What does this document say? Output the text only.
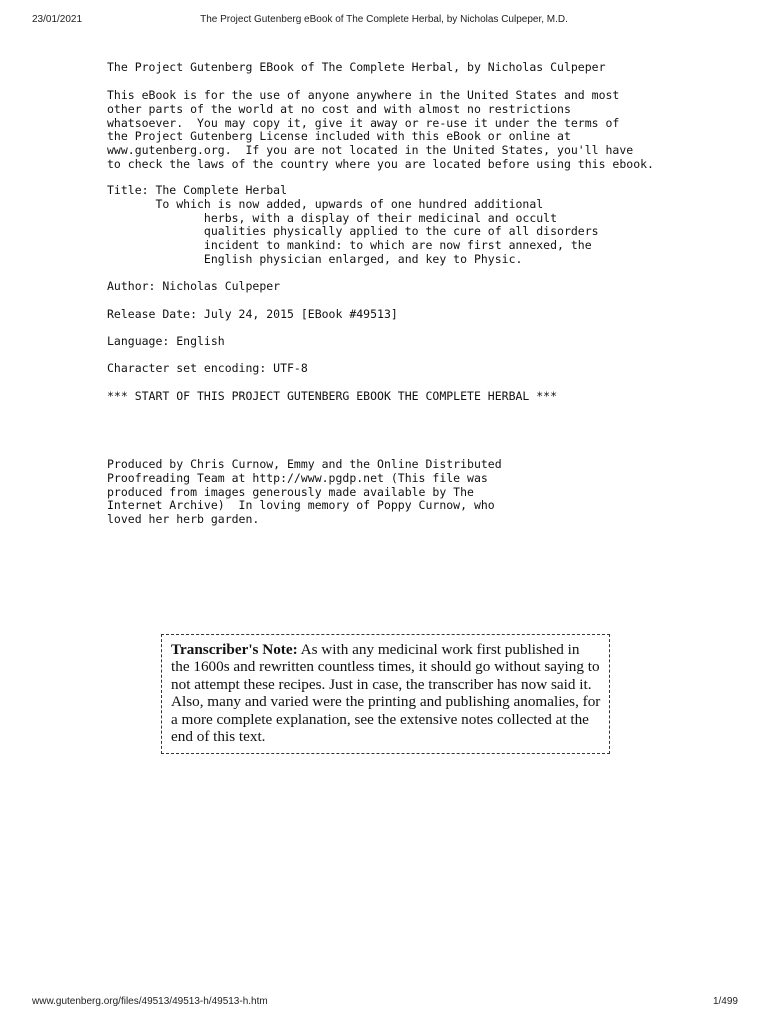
23/01/2021	The Project Gutenberg eBook of The Complete Herbal, by Nicholas Culpeper, M.D.
The Project Gutenberg EBook of The Complete Herbal, by Nicholas Culpeper
This eBook is for the use of anyone anywhere in the United States and most
other parts of the world at no cost and with almost no restrictions
whatsoever.  You may copy it, give it away or re-use it under the terms of
the Project Gutenberg License included with this eBook or online at
www.gutenberg.org.  If you are not located in the United States, you'll have
to check the laws of the country where you are located before using this ebook.
Title: The Complete Herbal
To which is now added, upwards of one hundred additional
herbs, with a display of their medicinal and occult
qualities physically applied to the cure of all disorders
incident to mankind: to which are now first annexed, the
English physician enlarged, and key to Physic.
Author: Nicholas Culpeper
Release Date: July 24, 2015 [EBook #49513]
Language: English
Character set encoding: UTF-8
*** START OF THIS PROJECT GUTENBERG EBOOK THE COMPLETE HERBAL ***
Produced by Chris Curnow, Emmy and the Online Distributed
Proofreading Team at http://www.pgdp.net (This file was
produced from images generously made available by The
Internet Archive)  In loving memory of Poppy Curnow, who
loved her herb garden.
Transcriber's Note: As with any medicinal work first published in the 1600s and rewritten countless times, it should go without saying to not attempt these recipes. Just in case, the transcriber has now said it. Also, many and varied were the printing and publishing anomalies, for a more complete explanation, see the extensive notes collected at the end of this text.
www.gutenberg.org/files/49513/49513-h/49513-h.htm	1/499
